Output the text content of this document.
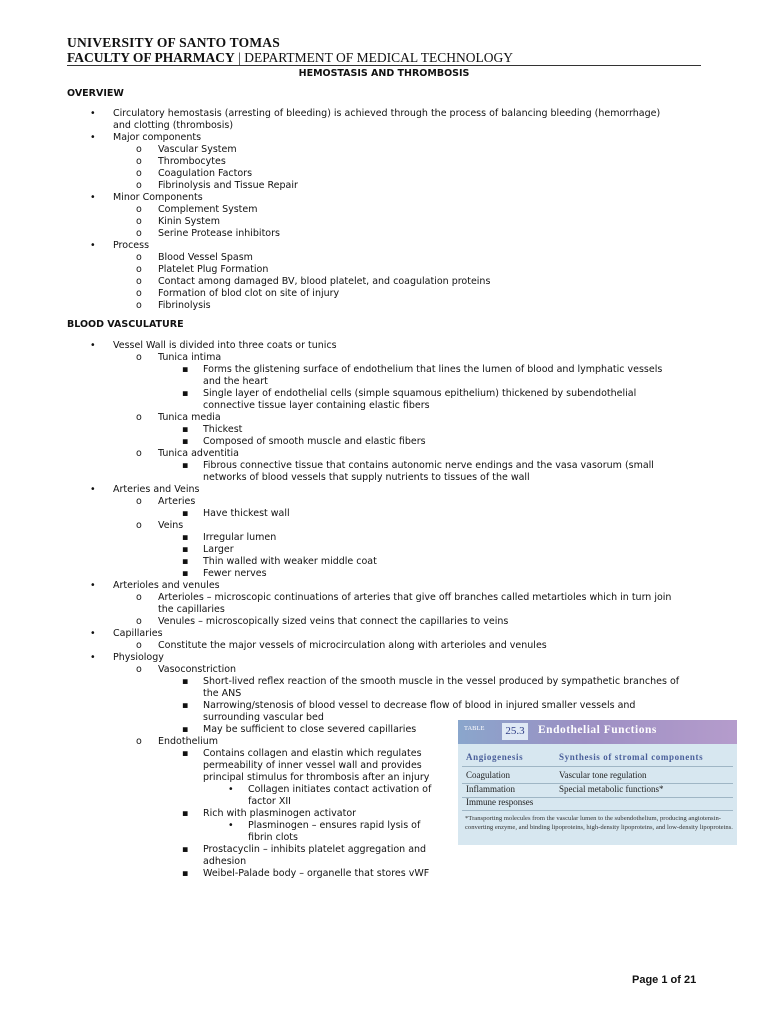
UNIVERSITY OF SANTO TOMAS
FACULTY OF PHARMACY | DEPARTMENT OF MEDICAL TECHNOLOGY
HEMOSTASIS AND THROMBOSIS
OVERVIEW
BLOOD VASCULATURE
• Circulatory hemostasis (arresting of bleeding) is achieved through the process of balancing bleeding (hemorrhage)
and clotting (thrombosis)
• Major components
o Vascular System
o Thrombocytes
o Coagulation Factors
o Fibrinolysis and Tissue Repair
• Minor Components
o Complement System
o Kinin System
o Serine Protease inhibitors
• Process
o Blood Vessel Spasm
o Platelet Plug Formation
o Contact among damaged BV, blood platelet, and coagulation proteins
o Formation of blod clot on site of injury
o Fibrinolysis
• Vessel Wall is divided into three coats or tunics
o Tunica intima
▪ Forms the glistening surface of endothelium that lines the lumen of blood and lymphatic vessels
and the heart
▪ Single layer of endothelial cells (simple squamous epithelium) thickened by subendothelial
connective tissue layer containing elastic fibers
o Tunica media
▪ Thickest
▪ Composed of smooth muscle and elastic fibers
o Tunica adventitia
▪ Fibrous connective tissue that contains autonomic nerve endings and the vasa vasorum (small
networks of blood vessels that supply nutrients to tissues of the wall
• Arteries and Veins
o Arteries
▪ Have thickest wall
o Veins
▪ Irregular lumen
▪ Larger
▪ Thin walled with weaker middle coat
▪ Fewer nerves
• Arterioles and venules
o Arterioles – microscopic continuations of arteries that give off branches called metartioles which in turn join
the capillaries
o Venules – microscopically sized veins that connect the capillaries to veins
• Capillaries
o Constitute the major vessels of microcirculation along with arterioles and venules
• Physiology
o Vasoconstriction
▪ Short-lived reflex reaction of the smooth muscle in the vessel produced by sympathetic branches of
the ANS
▪ Narrowing/stenosis of blood vessel to decrease flow of blood in injured smaller vessels and
surrounding vascular bed
▪ May be sufficient to close severed capillaries
o Endothelium
▪ Contains collagen and elastin which regulates
permeability of inner vessel wall and provides
principal stimulus for thrombosis after an injury
• Collagen initiates contact activation of
factor XII
▪ Rich with plasminogen activator
• Plasminogen – ensures rapid lysis of
fibrin clots
▪ Prostacyclin – inhibits platelet aggregation and
adhesion
▪ Weibel-Palade body – organelle that stores vWF
TABLE	25.3 Endothelial Functions
Angiogenesis	Synthesis of stromal components
Coagulation	Vascular tone regulation
Inflammation	Special metabolic functions*
Immune responses
*Transporting molecules from the vascular lumen to the subendothelium, producing angiotensin-converting enzyme, and binding lipoproteins, high-density lipoproteins, and low-density lipoproteins.
Page 1 of 21
